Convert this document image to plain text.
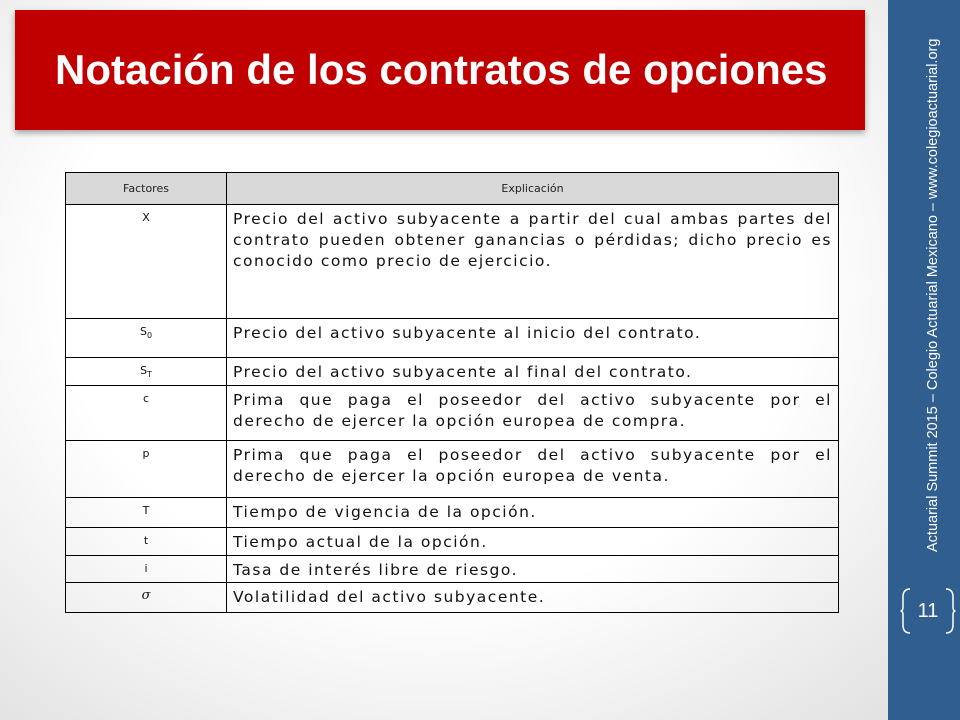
Notación de los contratos de opciones
Factores	Explicación
X	Precio del activo subyacente a partir del cual ambas partes del contrato pueden obtener ganancias o pérdidas; dicho precio es conocido como precio de ejercicio.
$S_0$	Precio del activo subyacente al inicio del contrato.
$S_T$	Precio del activo subyacente al final del contrato.
c	Prima que paga el poseedor del activo subyacente por el derecho de ejercer la opción europea de compra.
p	Prima que paga el poseedor del activo subyacente por el derecho de ejercer la opción europea de venta.
T	Tiempo de vigencia de la opción.
t	Tiempo actual de la opción.
i	Tasa de interés libre de riesgo.
σ	Volatilidad del activo subyacente.
Actuarial Summit 2015 – Colegio Actuarial Mexicano – www.colegioactuarial.org
11
